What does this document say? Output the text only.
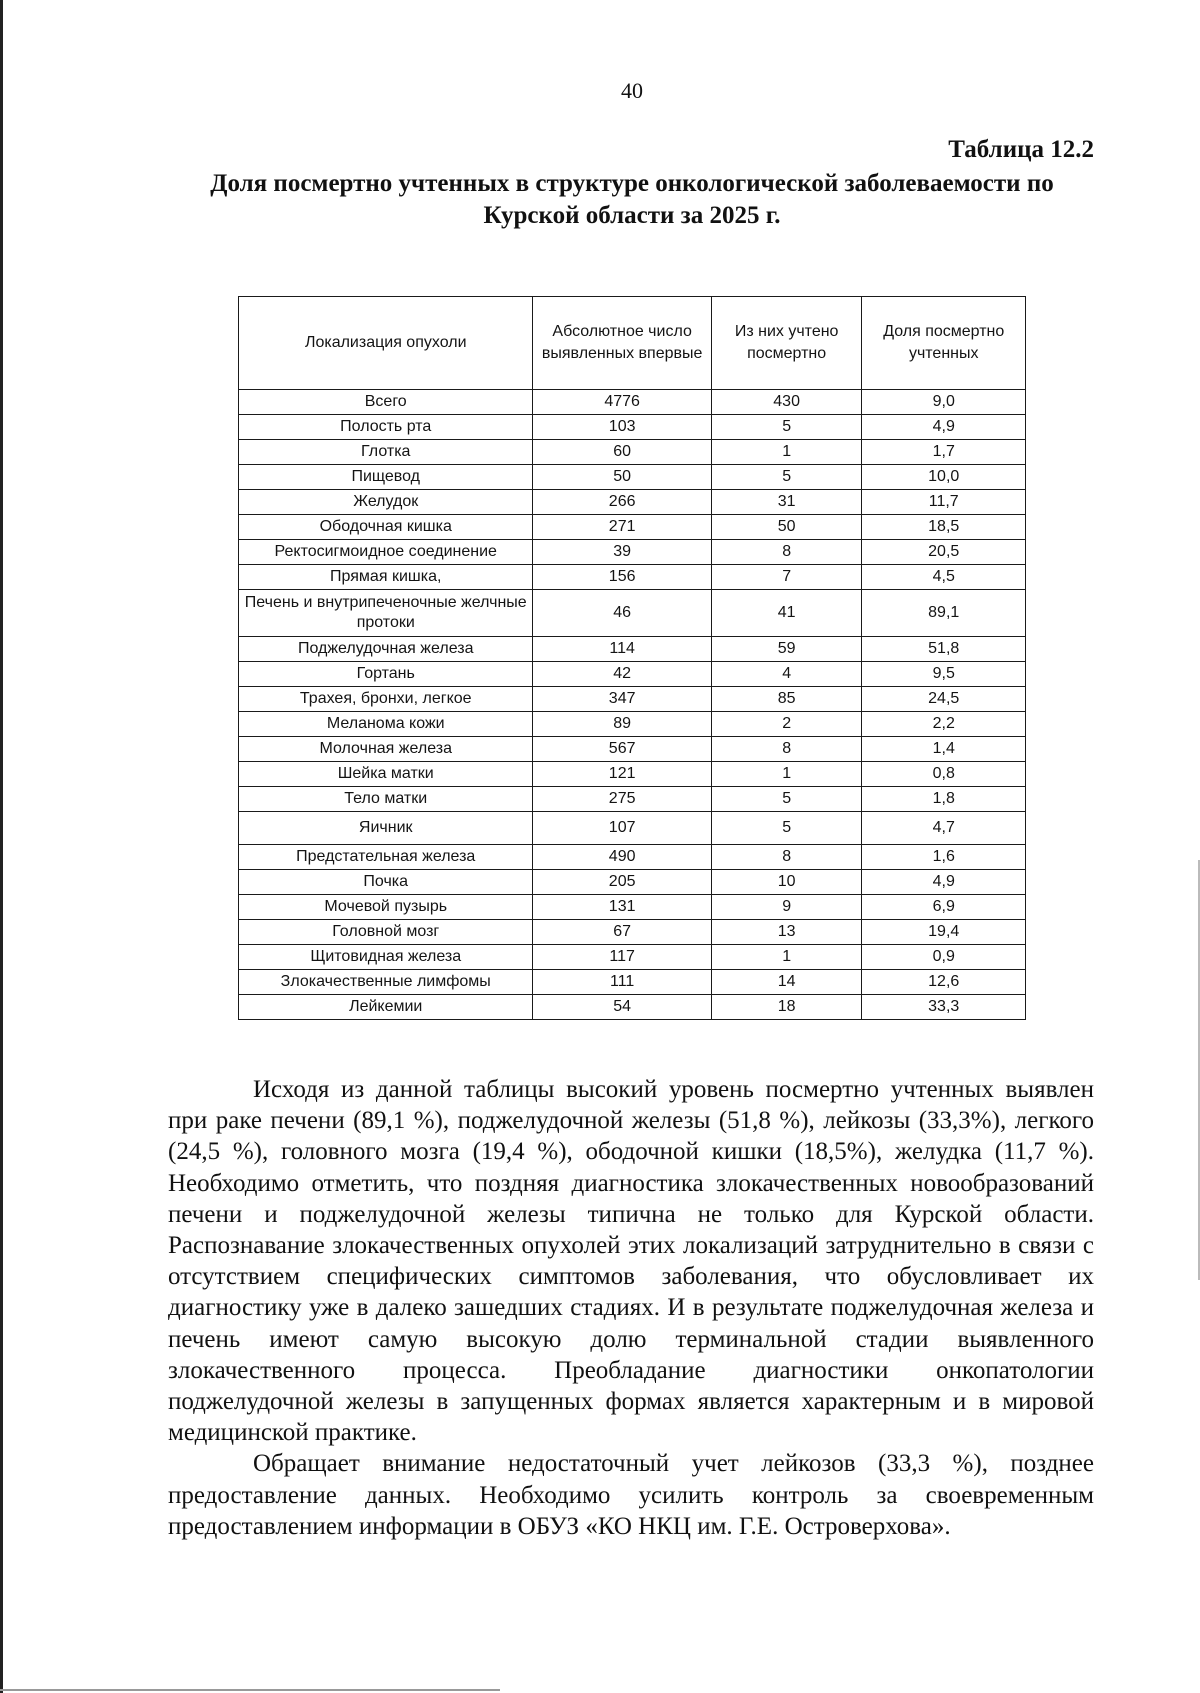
40
Таблица 12.2
Доля посмертно учтенных в структуре онкологической заболеваемости по Курской области за 2025 г.
Локализация опухоли	Абсолютное число выявленных впервые	Из них учтено посмертно	Доля посмертно учтенных
Всего	4776	430	9,0
Полость рта	103	5	4,9
Глотка	60	1	1,7
Пищевод	50	5	10,0
Желудок	266	31	11,7
Ободочная кишка	271	50	18,5
Ректосигмоидное соединение	39	8	20,5
Прямая кишка,	156	7	4,5
Печень и внутрипеченочные желчные протоки	46	41	89,1
Поджелудочная железа	114	59	51,8
Гортань	42	4	9,5
Трахея, бронхи, легкое	347	85	24,5
Меланома кожи	89	2	2,2
Молочная железа	567	8	1,4
Шейка матки	121	1	0,8
Тело матки	275	5	1,8
Яичник	107	5	4,7
Предстательная железа	490	8	1,6
Почка	205	10	4,9
Мочевой пузырь	131	9	6,9
Головной мозг	67	13	19,4
Щитовидная железа	117	1	0,9
Злокачественные лимфомы	111	14	12,6
Лейкемии	54	18	33,3

Исходя из данной таблицы высокий уровень посмертно учтенных выявлен при раке печени (89,1 %), поджелудочной железы (51,8 %), лейкозы (33,3%), легкого (24,5 %), головного мозга (19,4 %), ободочной кишки (18,5%), желудка (11,7 %). Необходимо отметить, что поздняя диагностика злокачественных новообразований печени и поджелудочной железы типична не только для Курской области. Распознавание злокачественных опухолей этих локализаций затруднительно в связи с отсутствием специфических симптомов заболевания, что обусловливает их диагностику уже в далеко зашедших стадиях. И в результате поджелудочная железа и печень имеют самую высокую долю терминальной стадии выявленного злокачественного процесса. Преобладание диагностики онкопатологии поджелудочной железы в запущенных формах является характерным и в мировой медицинской практике.

Обращает внимание недостаточный учет лейкозов (33,3 %), позднее предоставление данных. Необходимо усилить контроль за своевременным предоставлением информации в ОБУЗ «КО НКЦ им. Г.Е. Островерхова».
